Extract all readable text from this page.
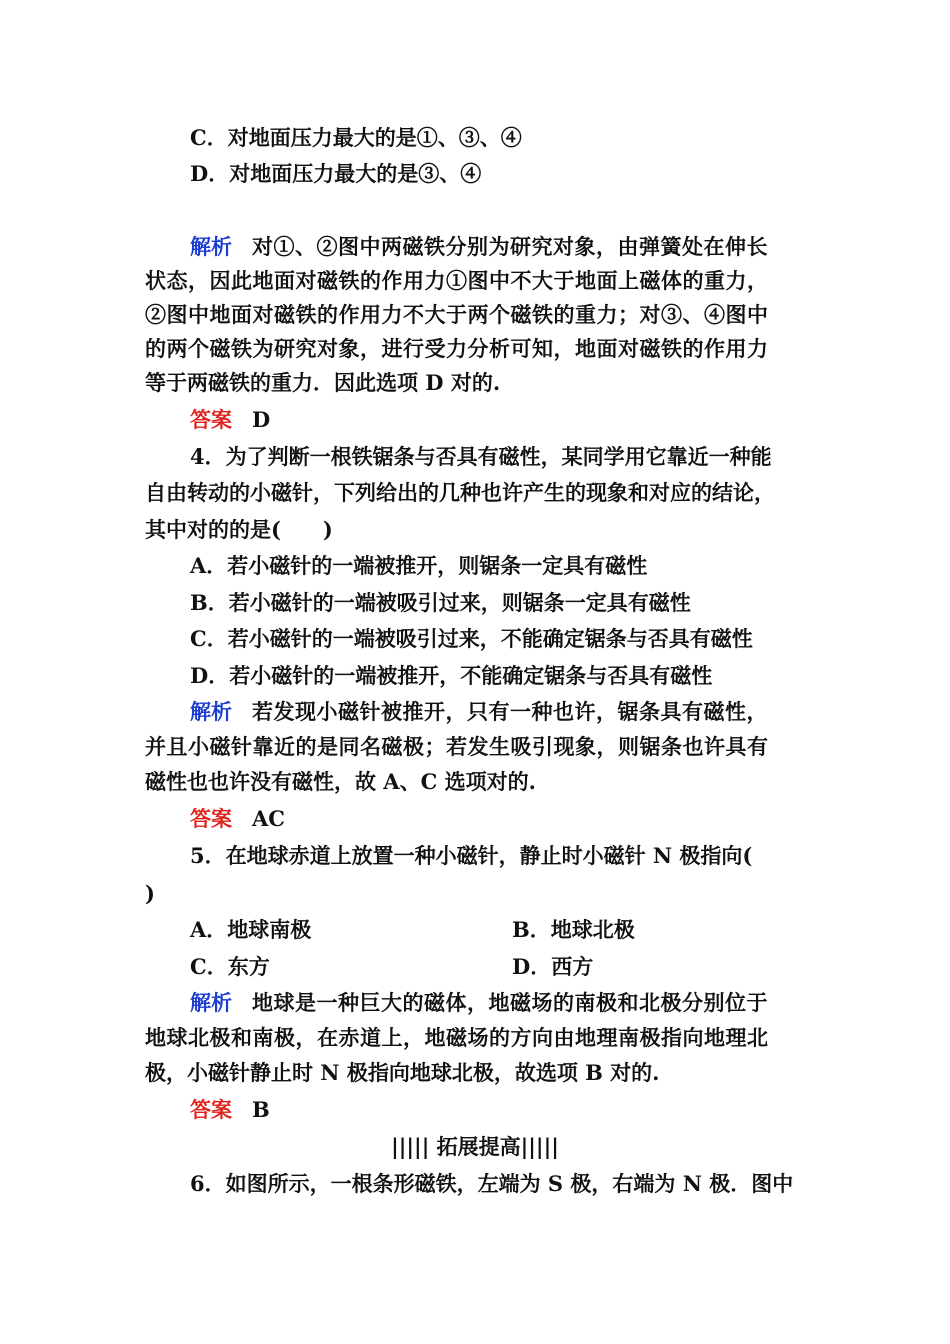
C．对地面压力最大的是①、③、④
D．对地面压力最大的是③、④
解析 对①、②图中两磁铁分别为研究对象，由弹簧处在伸长
状态，因此地面对磁铁的作用力①图中不大于地面上磁体的重力，
②图中地面对磁铁的作用力不大于两个磁铁的重力；对③、④图中
的两个磁铁为研究对象，进行受力分析可知，地面对磁铁的作用力
等于两磁铁的重力．因此选项 D 对的.
答案 D
4．为了判断一根铁锯条与否具有磁性，某同学用它靠近一种能
自由转动的小磁针，下列给出的几种也许产生的现象和对应的结论，
其中对的的是(　　)
A．若小磁针的一端被推开，则锯条一定具有磁性
B．若小磁针的一端被吸引过来，则锯条一定具有磁性
C．若小磁针的一端被吸引过来，不能确定锯条与否具有磁性
D．若小磁针的一端被推开，不能确定锯条与否具有磁性
解析 若发现小磁针被推开，只有一种也许，锯条具有磁性，
并且小磁针靠近的是同名磁极；若发生吸引现象，则锯条也许具有
磁性也也许没有磁性，故 A、C 选项对的.
答案 AC
5．在地球赤道上放置一种小磁针，静止时小磁针 N 极指向(
)
A．地球南极	B．地球北极
C．东方	D．西方
解析 地球是一种巨大的磁体，地磁场的南极和北极分别位于
地球北极和南极，在赤道上，地磁场的方向由地理南极指向地理北
极，小磁针静止时 N 极指向地球北极，故选项 B 对的.
答案 B
||||| 拓展提高|||||
6．如图所示，一根条形磁铁，左端为 S 极，右端为 N 极．图中
